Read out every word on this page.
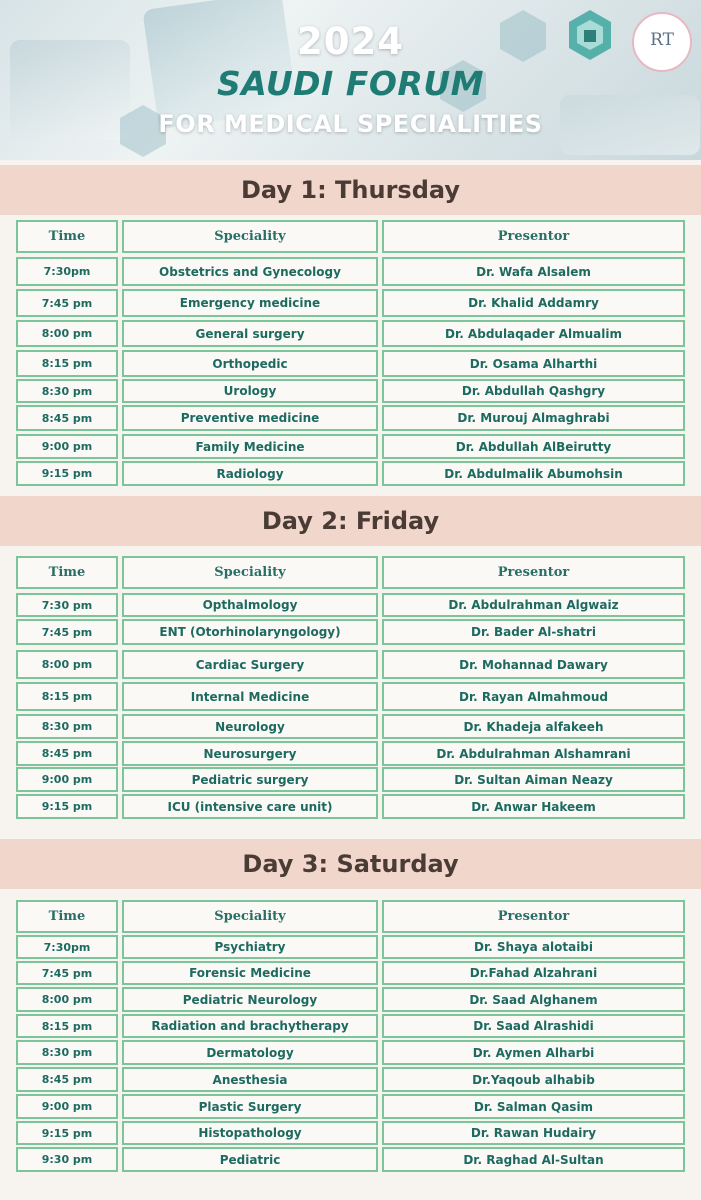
2024
SAUDI FORUM
FOR MEDICAL SPECIALITIES
RT
Day 1: Thursday
Time	Speciality	Presentor
7:30pm	Obstetrics and Gynecology	Dr. Wafa Alsalem
7:45 pm	Emergency medicine	Dr. Khalid Addamry
8:00 pm	General surgery	Dr. Abdulaqader Almualim
8:15 pm	Orthopedic	Dr. Osama Alharthi
8:30 pm	Urology	Dr. Abdullah Qashgry
8:45 pm	Preventive medicine	Dr. Murouj Almaghrabi
9:00 pm	Family Medicine	Dr. Abdullah AlBeirutty
9:15 pm	Radiology	Dr. Abdulmalik Abumohsin
Day 2: Friday
Time	Speciality	Presentor
7:30 pm	Opthalmology	Dr. Abdulrahman Algwaiz
7:45 pm	ENT (Otorhinolaryngology)	Dr. Bader Al-shatri
8:00 pm	Cardiac Surgery	Dr. Mohannad Dawary
8:15 pm	Internal Medicine	Dr. Rayan Almahmoud
8:30 pm	Neurology	Dr. Khadeja alfakeeh
8:45 pm	Neurosurgery	Dr. Abdulrahman Alshamrani
9:00 pm	Pediatric surgery	Dr. Sultan Aiman Neazy
9:15 pm	ICU (intensive care unit)	Dr. Anwar Hakeem
Day 3: Saturday
Time	Speciality	Presentor
7:30pm	Psychiatry	Dr. Shaya alotaibi
7:45 pm	Forensic Medicine	Dr.Fahad Alzahrani
8:00 pm	Pediatric Neurology	Dr. Saad Alghanem
8:15 pm	Radiation and brachytherapy	Dr. Saad Alrashidi
8:30 pm	Dermatology	Dr. Aymen Alharbi
8:45 pm	Anesthesia	Dr.Yaqoub alhabib
9:00 pm	Plastic Surgery	Dr. Salman Qasim
9:15 pm	Histopathology	Dr. Rawan Hudairy
9:30 pm	Pediatric	Dr. Raghad Al-Sultan
